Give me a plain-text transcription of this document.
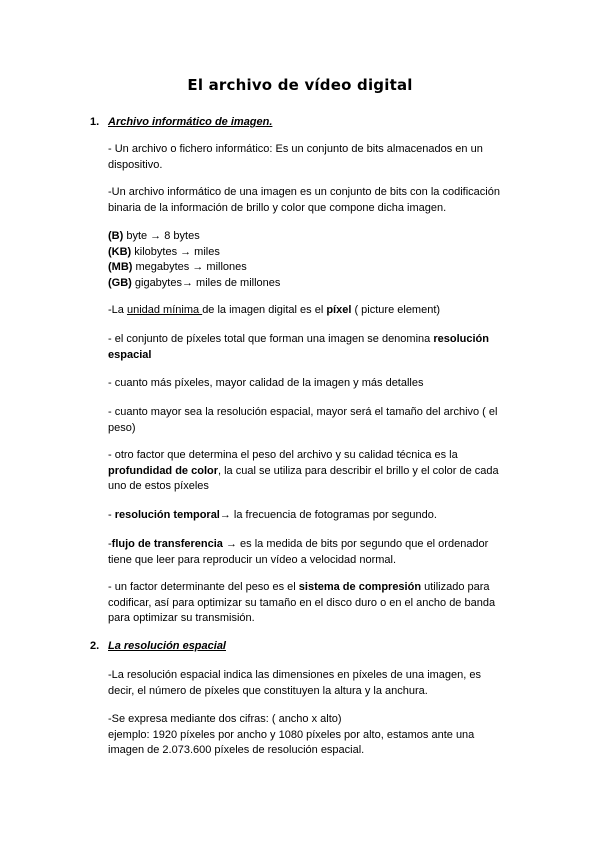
El archivo de vídeo digital
1. Archivo informático de imagen.

- Un archivo o fichero informático: Es un conjunto de bits almacenados en un dispositivo.

-Un archivo informático de una imagen es un conjunto de bits con la codificación binaria de la información de brillo y color que compone dicha imagen.

(B) byte → 8 bytes

(KB) kilobytes → miles

(MB) megabytes → millones

(GB) gigabytes→ miles de millones

-La unidad mínima de la imagen digital es el píxel ( picture element)

- el conjunto de píxeles total que forman una imagen se denomina resolución espacial

- cuanto más píxeles, mayor calidad de la imagen y más detalles

- cuanto mayor sea la resolución espacial, mayor será el tamaño del archivo ( el peso)

- otro factor que determina el peso del archivo y su calidad técnica es la profundidad de color, la cual se utiliza para describir el brillo y el color de cada uno de estos píxeles

- resolución temporal→ la frecuencia de fotogramas por segundo.

-flujo de transferencia → es la medida de bits por segundo que el ordenador tiene que leer para reproducir un vídeo a velocidad normal.

- un factor determinante del peso es el sistema de compresión utilizado para codificar, así para optimizar su tamaño en el disco duro o en el ancho de banda para optimizar su transmisión.

2. La resolución espacial

-La resolución espacial indica las dimensiones en píxeles de una imagen, es decir, el número de píxeles que constituyen la altura y la anchura.

-Se expresa mediante dos cifras: ( ancho x alto)

ejemplo: 1920 píxeles por ancho y 1080 píxeles por alto, estamos ante una imagen de 2.073.600 píxeles de resolución espacial.
